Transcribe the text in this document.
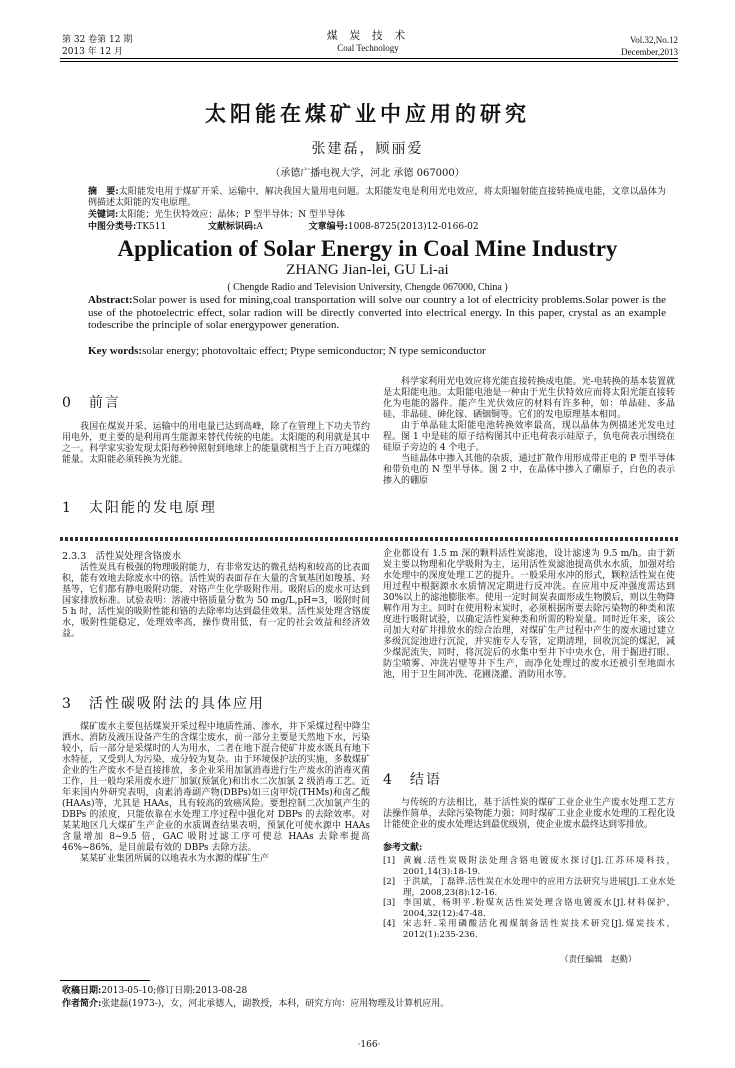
第 32 卷第 12 期
2013 年 12 月
煤 炭 技 术
Coal Technology
Vol.32,No.12
December,2013
太阳能在煤矿业中应用的研究
张建磊，顾丽爱
（承德广播电视大学，河北 承德 067000）
摘　要:太阳能发电用于煤矿开采、运输中，解决我国大量用电问题。太阳能发电是利用光电效应，将太阳辐射能直接转换成电能，文章以晶体为例描述太阳能的发电原理。
关键词:太阳能；光生伏特效应；晶体；P 型半导体；N 型半导体
中图分类号:TK511	文献标识码:A	文章编号:1008-8725(2013)12-0166-02
Application of Solar Energy in Coal Mine Industry
ZHANG Jian-lei, GU Li-ai
( Chengde Radio and Television University, Chengde 067000, China )
Abstract:Solar power is used for mining,coal transportation will solve our country a lot of electricity problems.Solar power is the use of the photoelectric effect, solar radion will be directly converted into electrical energy. In this paper, crystal as an example todescribe the principle of solar energypower generation.
Key words:solar energy; photovoltaic effect; Ptype semiconductor; N type semiconductor
0　前言

我国在煤炭开采、运输中的用电量已达到高峰，除了在管理上下功夫节约用电外，更主要的是利用再生能源来替代传统的电能。太阳能的利用就是其中之一。科学家实验发现太阳每秒钟照射到地球上的能量就相当于上百万吨煤的能量。太阳能必须转换为光能。

1　太阳能的发电原理

科学家利用光电效应将光能直接转换成电能。光-电转换的基本装置就是太阳能电池。太阳能电池是一种由于光生伏特效应而将太阳光能直接转化为电能的器件。能产生光伏效应的材料有许多种，如：单晶硅、多晶硅、非晶硅、砷化镓、硒铟铜等。它们的发电原理基本相同。

由于单晶硅太阳能电池转换效率最高，现以晶体为例描述光发电过程。图 1 中是硅的原子结构图其中正电荷表示硅原子，负电荷表示围绕在硅原子旁边的 4 个电子。

当硅晶体中掺入其他的杂质，通过扩散作用形成带正电的 P 型半导体和带负电的 N 型半导体。图 2 中，在晶体中掺入了硼原子，白色的表示掺入的硼原

2.3.3　活性炭处理含铬废水

活性炭具有极强的物理吸附能力，有非常发达的微孔结构和较高的比表面积，能有效地去除废水中的铬。活性炭的表面存在大量的含氧基团如羧基、羟基等，它们都有静电吸附功能，对铬产生化学吸附作用。吸附后的废水可达到国家排放标准。试验表明：溶液中铬质量分数为 50 mg/L,pH=3，吸附时间 5 h 时，活性炭的吸附性能和铬的去除率均达到最佳效果。活性炭处理含铬废水，吸附性能稳定，处理效率高，操作费用低，有一定的社会效益和经济效益。

3　活性碳吸附法的具体应用

煤矿废水主要包括煤炭开采过程中地质性涌、渗水，井下采煤过程中降尘洒水、消防及液压设备产生的含煤尘废水，前一部分主要是天然地下水，污染较小，后一部分是采煤时的人为用水，二者在地下混合使矿井废水既具有地下水特征，又受到人为污染，成分较为复杂。由于环境保护法的实施，多数煤矿企业的生产废水不是直接排放，多企业采用加氯消毒进行生产废水的消毒灭菌工作，且一般均采用废水进厂加氯(预氯化)和出水二次加氯 2 级消毒工艺。近年来国内外研究表明，卤素消毒副产物(DBPs)如三卤甲烷(THMs)和卤乙酸(HAAs)等，尤其是 HAAs，具有较高的致癌风险。要想控制二次加氯产生的 DBPs 的浓度，只能依靠在水处理工序过程中强化对 DBPs 的去除效率。对某某地区几大煤矿生产企业的水质调查结果表明，预氯化可使水源中 HAAs 含量增加 8~9.5 倍，GAC 吸附过滤工序可使总 HAAs 去除率提高 46%~86%，是目前最有效的 DBPs 去除方法。

某某矿业集团所属的以地表水为水源的煤矿生产

企业都设有 1.5 m 深的颗料活性炭滤池，设计滤速为 9.5 m/h。由于新炭主要以物理和化学吸附为主，运用活性炭滤池提高供水水质，加强对给水处理中的深度处理工艺的提升。一般采用水冲的形式，颗粒活性炭在使用过程中根据源水水质情况定期进行反冲洗。在应用中反冲强度需达到 30%以上的滤池膨胀率。使用一定时间炭表面形成生物膜后，则以生物降解作用为主。同时在使用粉末炭时，必须根据所要去除污染物的种类和浓度进行吸附试验，以确定活性炭种类和所需的粉炭量。同时近年来，该公司加大对矿井排放水的综合治理，对煤矿生产过程中产生的废水通过建立多级沉淀池进行沉淀，并实施专人专管，定期清理，回收沉淀的煤泥，减少煤泥流失，同时，将沉淀后的水集中至井下中央水仓，用于掘进打眼、防尘喷雾、冲洗岩壁等井下生产，而净化处理过的废水还被引至地面水池，用于卫生间冲洗、花圃浇灌、消防用水等。

4　结语

与传统的方法相比，基于活性炭的煤矿工业企业生产废水处理工艺方法操作简单，去除污染物能力强；同时煤矿工业企业废水处理的工程化设计能使企业的废水处理达到最优级别，使企业废水最终达到零排放。

参考文献:
[1] 黄巍.活性炭吸附法处理含铬电镀废水探讨[J].江苏环境科技，2001,14(3):18-19.
[2] 于洪斌，丁磊铧.活性炭在水处理中的应用方法研究与进展[J].工业水处理，2008,23(8):12-16.
[3] 李国斌，杨明平.粉煤灰活性炭处理含铬电镀废水[J].材料保护，2004,32(12):47-48.
[4] 宋志轩.采用磷酸活化褐煤制备活性炭技术研究[J].煤炭技术，2012(1):235-236.
（责任编辑　赵勤）
收稿日期:2013-05-10;修订日期:2013-08-28
作者简介:张建磊(1973-)，女，河北承德人，副教授，本科，研究方向：应用物理及计算机应用。
·166·
